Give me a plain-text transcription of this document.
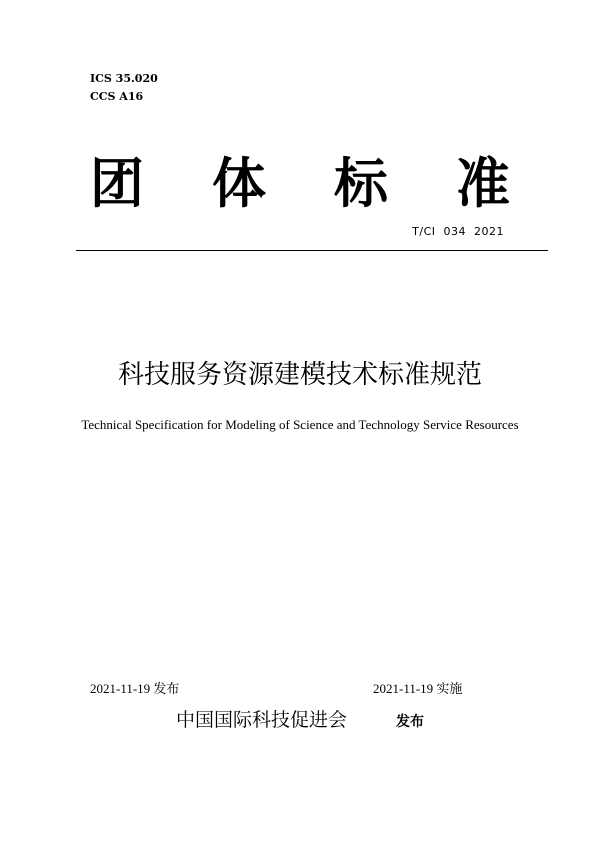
ICS 35.020
CCS A16
团 体 标 准
T/CI  034  2021
科技服务资源建模技术标准规范
Technical Specification for Modeling of Science and Technology Service Resources
2021-11-19 发布	2021-11-19 实施
中国国际科技促进会	发布
